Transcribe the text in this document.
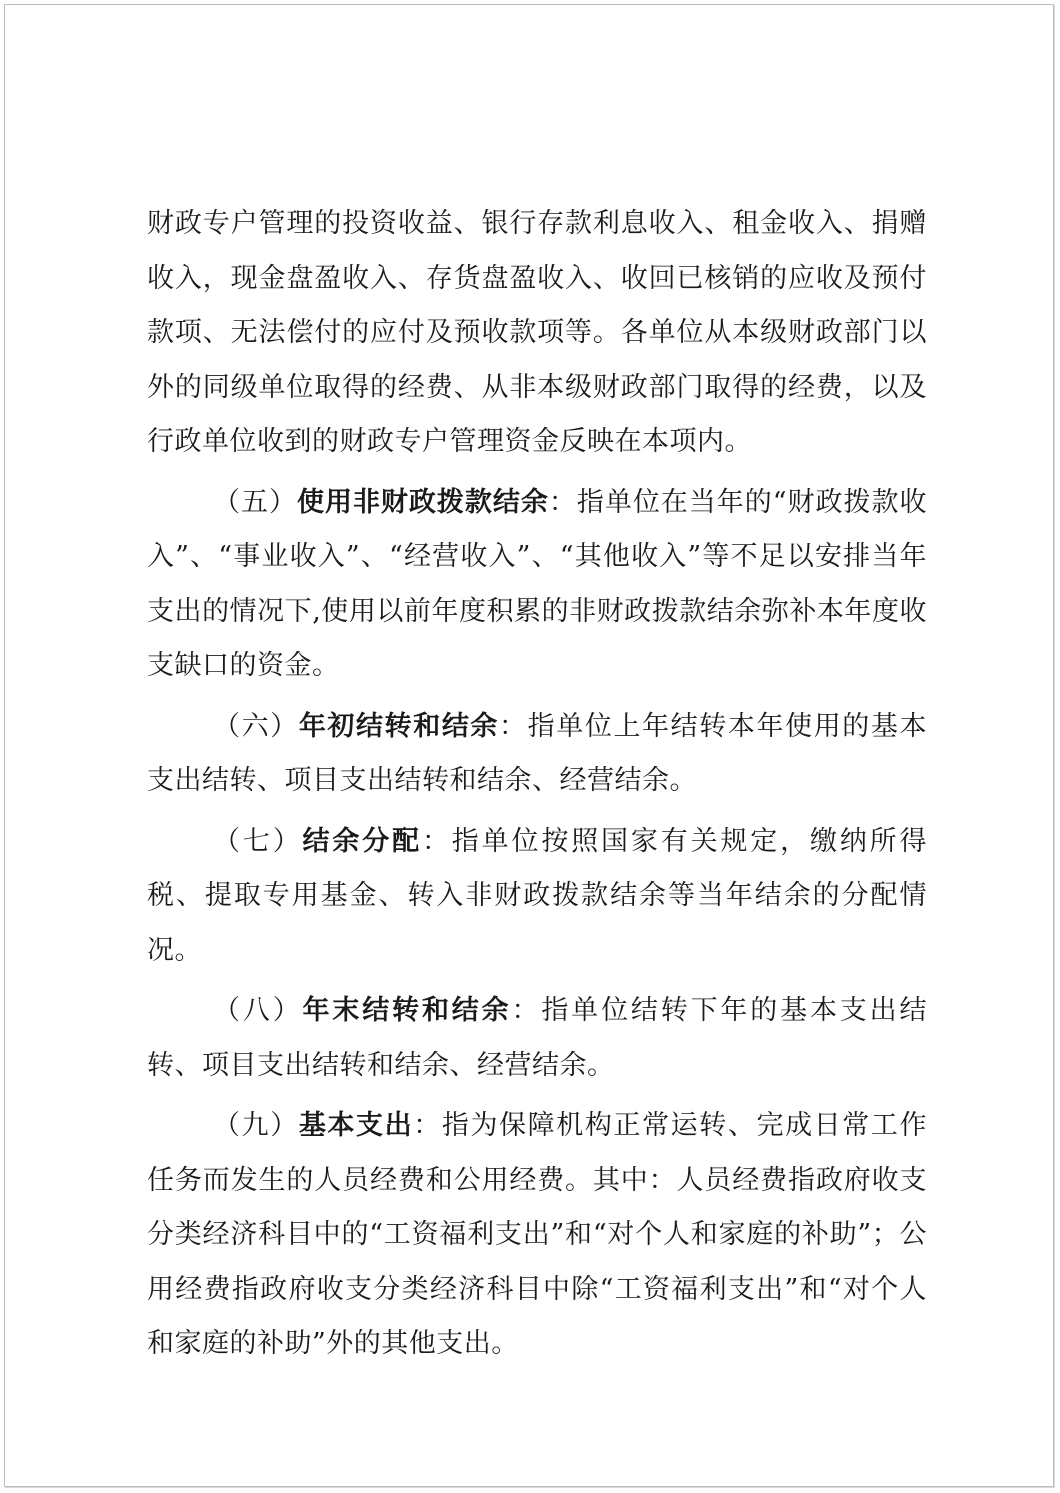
财政专户管理的投资收益、银行存款利息收入、租金收入、捐赠收入，现金盘盈收入、存货盘盈收入、收回已核销的应收及预付款项、无法偿付的应付及预收款项等。各单位从本级财政部门以外的同级单位取得的经费、从非本级财政部门取得的经费，以及行政单位收到的财政专户管理资金反映在本项内。

（五）使用非财政拨款结余：指单位在当年的“财政拨款收入”、“事业收入”、“经营收入”、“其他收入”等不足以安排当年支出的情况下,使用以前年度积累的非财政拨款结余弥补本年度收支缺口的资金。

（六）年初结转和结余：指单位上年结转本年使用的基本支出结转、项目支出结转和结余、经营结余。

（七）结余分配：指单位按照国家有关规定，缴纳所得税、提取专用基金、转入非财政拨款结余等当年结余的分配情况。

（八）年末结转和结余：指单位结转下年的基本支出结转、项目支出结转和结余、经营结余。

（九）基本支出：指为保障机构正常运转、完成日常工作任务而发生的人员经费和公用经费。其中：人员经费指政府收支分类经济科目中的“工资福利支出”和“对个人和家庭的补助”；公用经费指政府收支分类经济科目中除“工资福利支出”和“对个人和家庭的补助”外的其他支出。
